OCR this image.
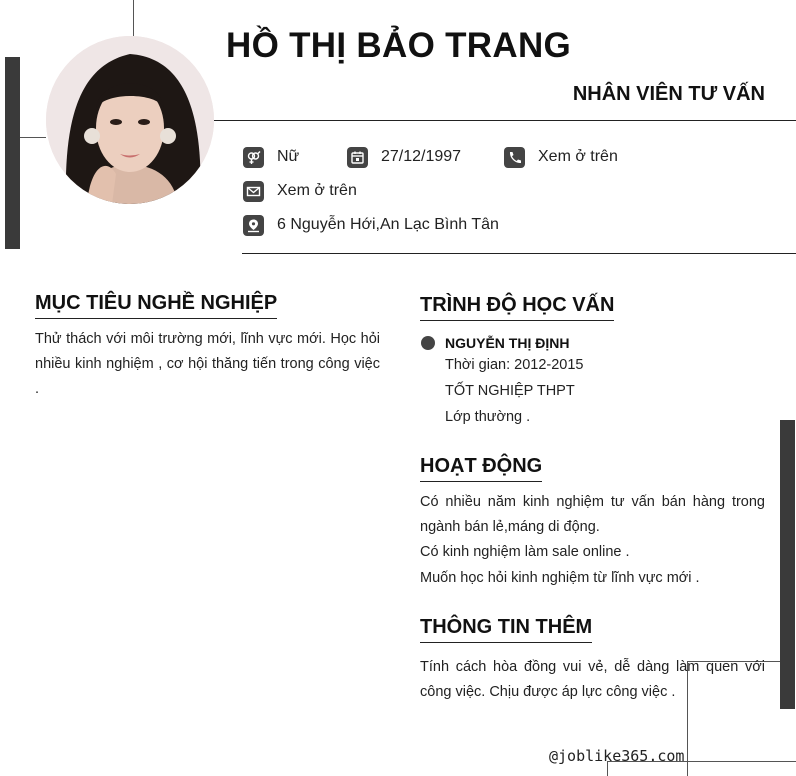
HỒ THỊ BẢO TRANG
NHÂN VIÊN TƯ VẤN
Nữ	27/12/1997	Xem ở trên
Xem ở trên
6 Nguyễn Hới,An Lạc Bình Tân
MỤC TIÊU NGHỀ NGHIỆP
Thử thách với môi trường mới, lĩnh vực mới. Học hỏi nhiều kinh nghiệm , cơ hội thăng tiến trong công việc .
TRÌNH ĐỘ HỌC VẤN
NGUYỄN THỊ ĐỊNH
Thời gian: 2012-2015
TỐT NGHIỆP THPT
Lớp thường .
HOẠT ĐỘNG
Có nhiều năm kinh nghiệm tư vấn bán hàng trong ngành bán lẻ,máng di động.
Có kinh nghiệm làm sale online .
Muốn học hỏi kinh nghiệm từ lĩnh vực mới .
THÔNG TIN THÊM
Tính cách hòa đồng vui vẻ, dễ dàng làm quen với công việc. Chịu được áp lực công việc .
@joblike365.com
